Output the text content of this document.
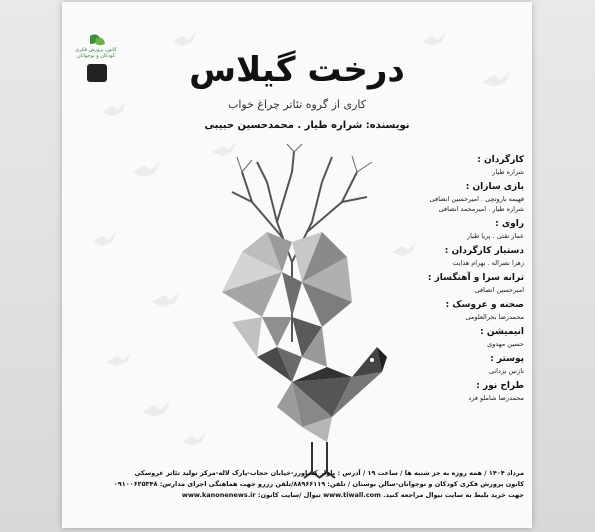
کانون پرورش فکری کودکان و نوجوانان	درخت گیلاس
کاری از گروه تئاتر چراغ خواب
نویسنده: شراره طیار . محمدحسین حبیبی
کارگردان :
شراره طیار
بازی سازان :
فهیمه باروتچی . امیرحسین انصافی
شراره طیار . امیرمحمد انصافی
راوی :
عمار تقتی . پریا طیار
دستیار کارگردان :
زهرا نصراله . بهرام هدایت
ترانه سرا و آهنگساز :
امیرحسین انصافی
صحنه و عروسک :
محمدرضا بحرالعلومی
انیمیشن :
حسین مهدوی
پوستر :
نازنین یزدانی
طراح نور :
محمدرضا شاملو فرد
مرداد ۱۴۰۴ / همه روزه به جز شنبه ها / ساعت ۱۹ / آدرس : بلوار کشاورز-خیابان حجاب-پارک لاله-مرکز تولید تئاتر عروسکی
کانون پرورش فکری کودکان و نوجوانان-سالن بوستان / تلفن: ۸۸۹۶۶۱۱۹/تلفن رزرو جهت هماهنگی اجرای مدارس: ۰۹۱۰۰۶۲۵۳۴۸
جهت خرید بلیط به سایت تیوال مراجعه کنید. www.tiwall.com تیوال /سایت کانون: www.kanonenews.ir
